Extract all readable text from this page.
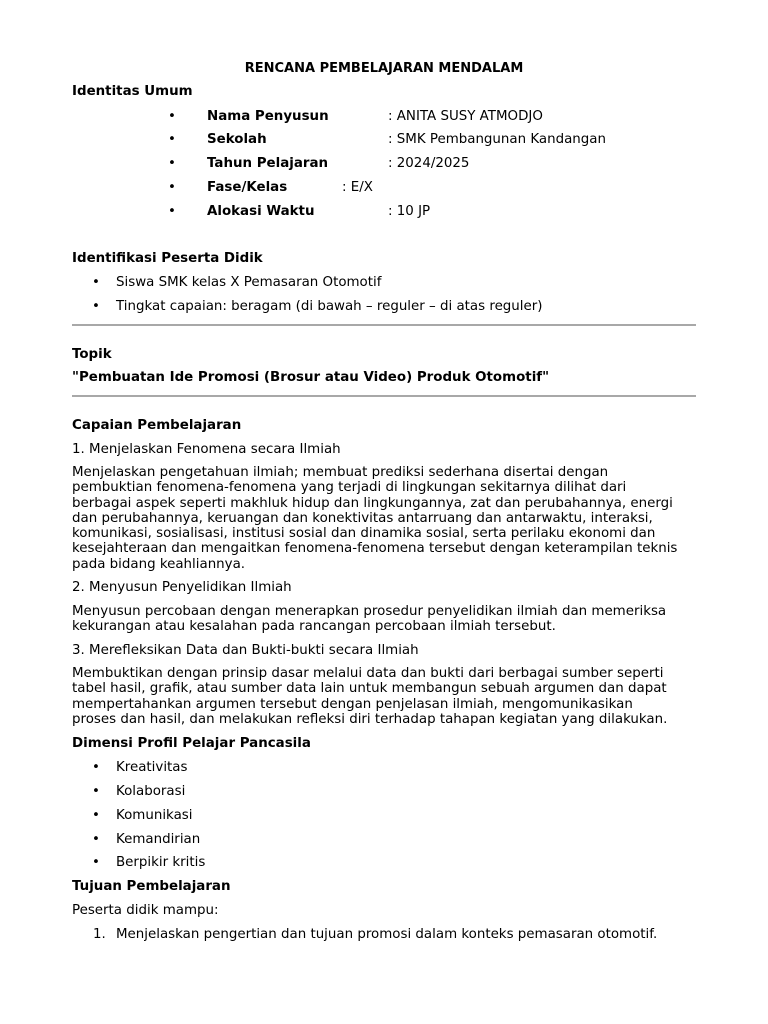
RENCANA PEMBELAJARAN MENDALAM
Identitas Umum
• Nama Penyusun	: ANITA SUSY ATMODJO
• Sekolah	: SMK Pembangunan Kandangan
• Tahun Pelajaran	: 2024/2025
• Fase/Kelas	: E/X
• Alokasi Waktu	: 10 JP
Identifikasi Peserta Didik
• Siswa SMK kelas X Pemasaran Otomotif
• Tingkat capaian: beragam (di bawah – reguler – di atas reguler)
Topik
"Pembuatan Ide Promosi (Brosur atau Video) Produk Otomotif"
Capaian Pembelajaran
1. Menjelaskan Fenomena secara Ilmiah
Menjelaskan pengetahuan ilmiah; membuat prediksi sederhana disertai dengan
pembuktian fenomena-fenomena yang terjadi di lingkungan sekitarnya dilihat dari
berbagai aspek seperti makhluk hidup dan lingkungannya, zat dan perubahannya, energi
dan perubahannya, keruangan dan konektivitas antarruang dan antarwaktu, interaksi,
komunikasi, sosialisasi, institusi sosial dan dinamika sosial, serta perilaku ekonomi dan
kesejahteraan dan mengaitkan fenomena-fenomena tersebut dengan keterampilan teknis
pada bidang keahliannya.
2. Menyusun Penyelidikan Ilmiah
Menyusun percobaan dengan menerapkan prosedur penyelidikan ilmiah dan memeriksa
kekurangan atau kesalahan pada rancangan percobaan ilmiah tersebut.
3. Merefleksikan Data dan Bukti-bukti secara Ilmiah
Membuktikan dengan prinsip dasar melalui data dan bukti dari berbagai sumber seperti
tabel hasil, grafik, atau sumber data lain untuk membangun sebuah argumen dan dapat
mempertahankan argumen tersebut dengan penjelasan ilmiah, mengomunikasikan
proses dan hasil, dan melakukan refleksi diri terhadap tahapan kegiatan yang dilakukan.
Dimensi Profil Pelajar Pancasila
• Kreativitas
• Kolaborasi
• Komunikasi
• Kemandirian
• Berpikir kritis
Tujuan Pembelajaran
Peserta didik mampu:
1. Menjelaskan pengertian dan tujuan promosi dalam konteks pemasaran otomotif.
